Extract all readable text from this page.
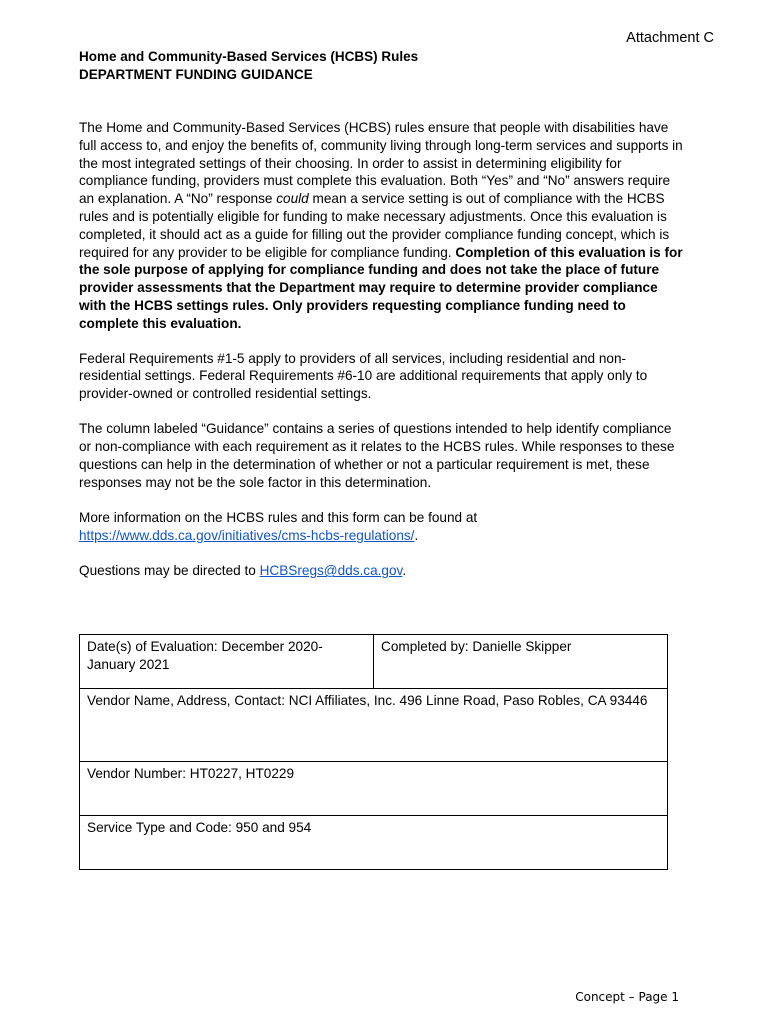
Attachment C
Home and Community-Based Services (HCBS) Rules
DEPARTMENT FUNDING GUIDANCE

The Home and Community-Based Services (HCBS) rules ensure that people with disabilities have full access to, and enjoy the benefits of, community living through long-term services and supports in the most integrated settings of their choosing. In order to assist in determining eligibility for compliance funding, providers must complete this evaluation. Both “Yes” and “No” answers require an explanation. A “No” response could mean a service setting is out of compliance with the HCBS rules and is potentially eligible for funding to make necessary adjustments. Once this evaluation is completed, it should act as a guide for filling out the provider compliance funding concept, which is required for any provider to be eligible for compliance funding. Completion of this evaluation is for the sole purpose of applying for compliance funding and does not take the place of future provider assessments that the Department may require to determine provider compliance with the HCBS settings rules. Only providers requesting compliance funding need to complete this evaluation.

Federal Requirements #1-5 apply to providers of all services, including residential and non-residential settings. Federal Requirements #6-10 are additional requirements that apply only to provider-owned or controlled residential settings.

The column labeled “Guidance” contains a series of questions intended to help identify compliance or non-compliance with each requirement as it relates to the HCBS rules. While responses to these questions can help in the determination of whether or not a particular requirement is met, these responses may not be the sole factor in this determination.

More information on the HCBS rules and this form can be found at
https://www.dds.ca.gov/initiatives/cms-hcbs-regulations/.

Questions may be directed to HCBSregs@dds.ca.gov.

Date(s) of Evaluation: December 2020-January 2021	Completed by: Danielle Skipper
Vendor Name, Address, Contact: NCI Affiliates, Inc. 496 Linne Road, Paso Robles, CA 93446
Vendor Number: HT0227, HT0229
Service Type and Code: 950 and 954
Concept – Page 1
